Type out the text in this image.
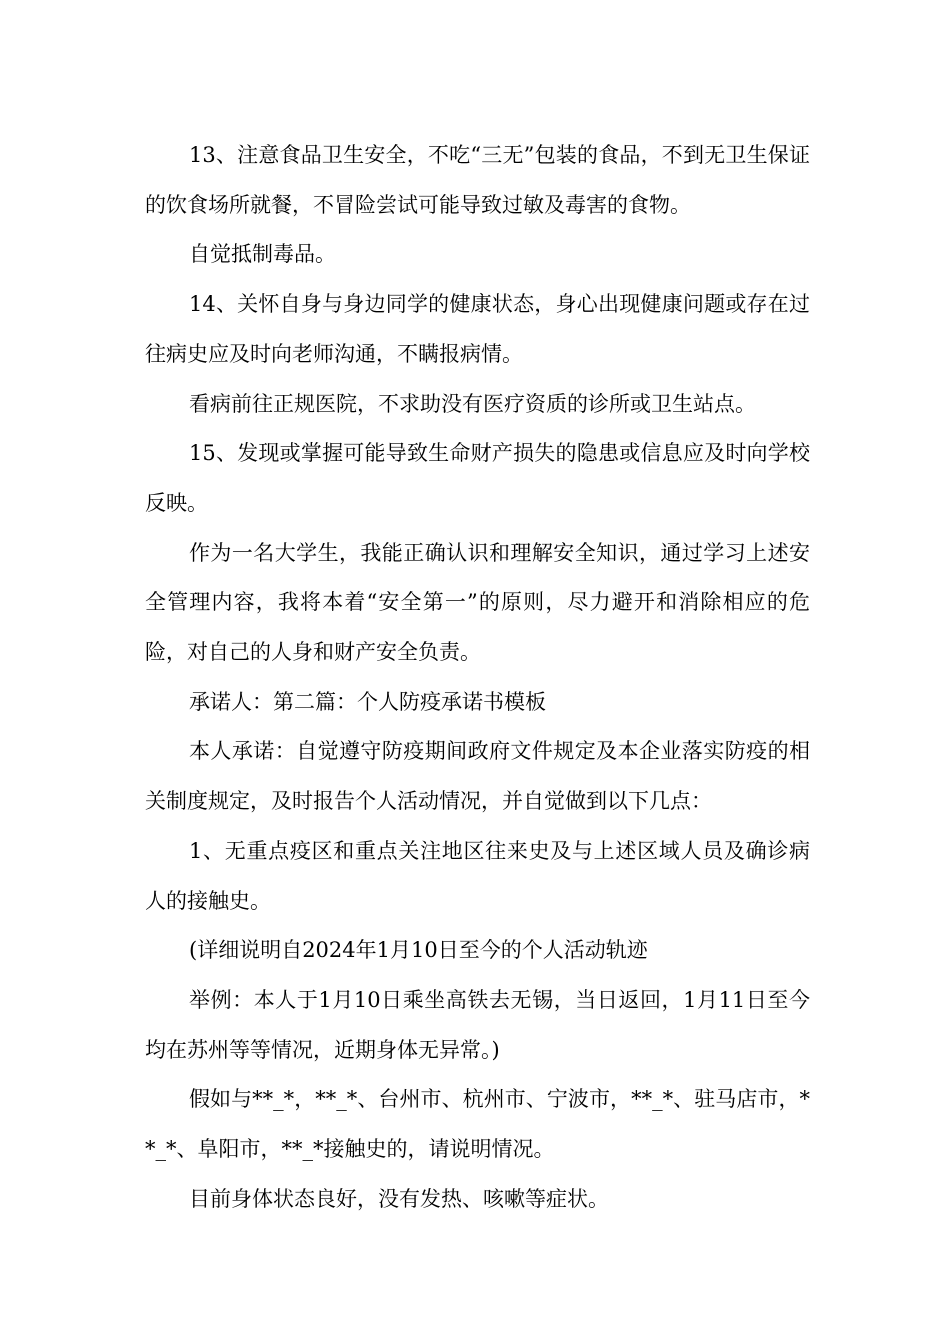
13、注意食品卫生安全，不吃“三无”包装的食品，不到无卫生保证的饮食场所就餐，不冒险尝试可能导致过敏及毒害的食物。

自觉抵制毒品。

14、关怀自身与身边同学的健康状态，身心出现健康问题或存在过往病史应及时向老师沟通，不瞒报病情。

看病前往正规医院，不求助没有医疗资质的诊所或卫生站点。

15、发现或掌握可能导致生命财产损失的隐患或信息应及时向学校反映。

作为一名大学生，我能正确认识和理解安全知识，通过学习上述安全管理内容，我将本着“安全第一”的原则，尽力避开和消除相应的危险，对自己的人身和财产安全负责。

承诺人：第二篇：个人防疫承诺书模板

本人承诺：自觉遵守防疫期间政府文件规定及本企业落实防疫的相关制度规定，及时报告个人活动情况，并自觉做到以下几点：

1、无重点疫区和重点关注地区往来史及与上述区域人员及确诊病人的接触史。

(详细说明自2024年1月10日至今的个人活动轨迹

举例：本人于1月10日乘坐高铁去无锡，当日返回，1月11日至今均在苏州等等情况，近期身体无异常。)

假如与**_*，**_*、台州市、杭州市、宁波市，**_*、驻马店市，**_*、阜阳市，**_*接触史的，请说明情况。

目前身体状态良好，没有发热、咳嗽等症状。
